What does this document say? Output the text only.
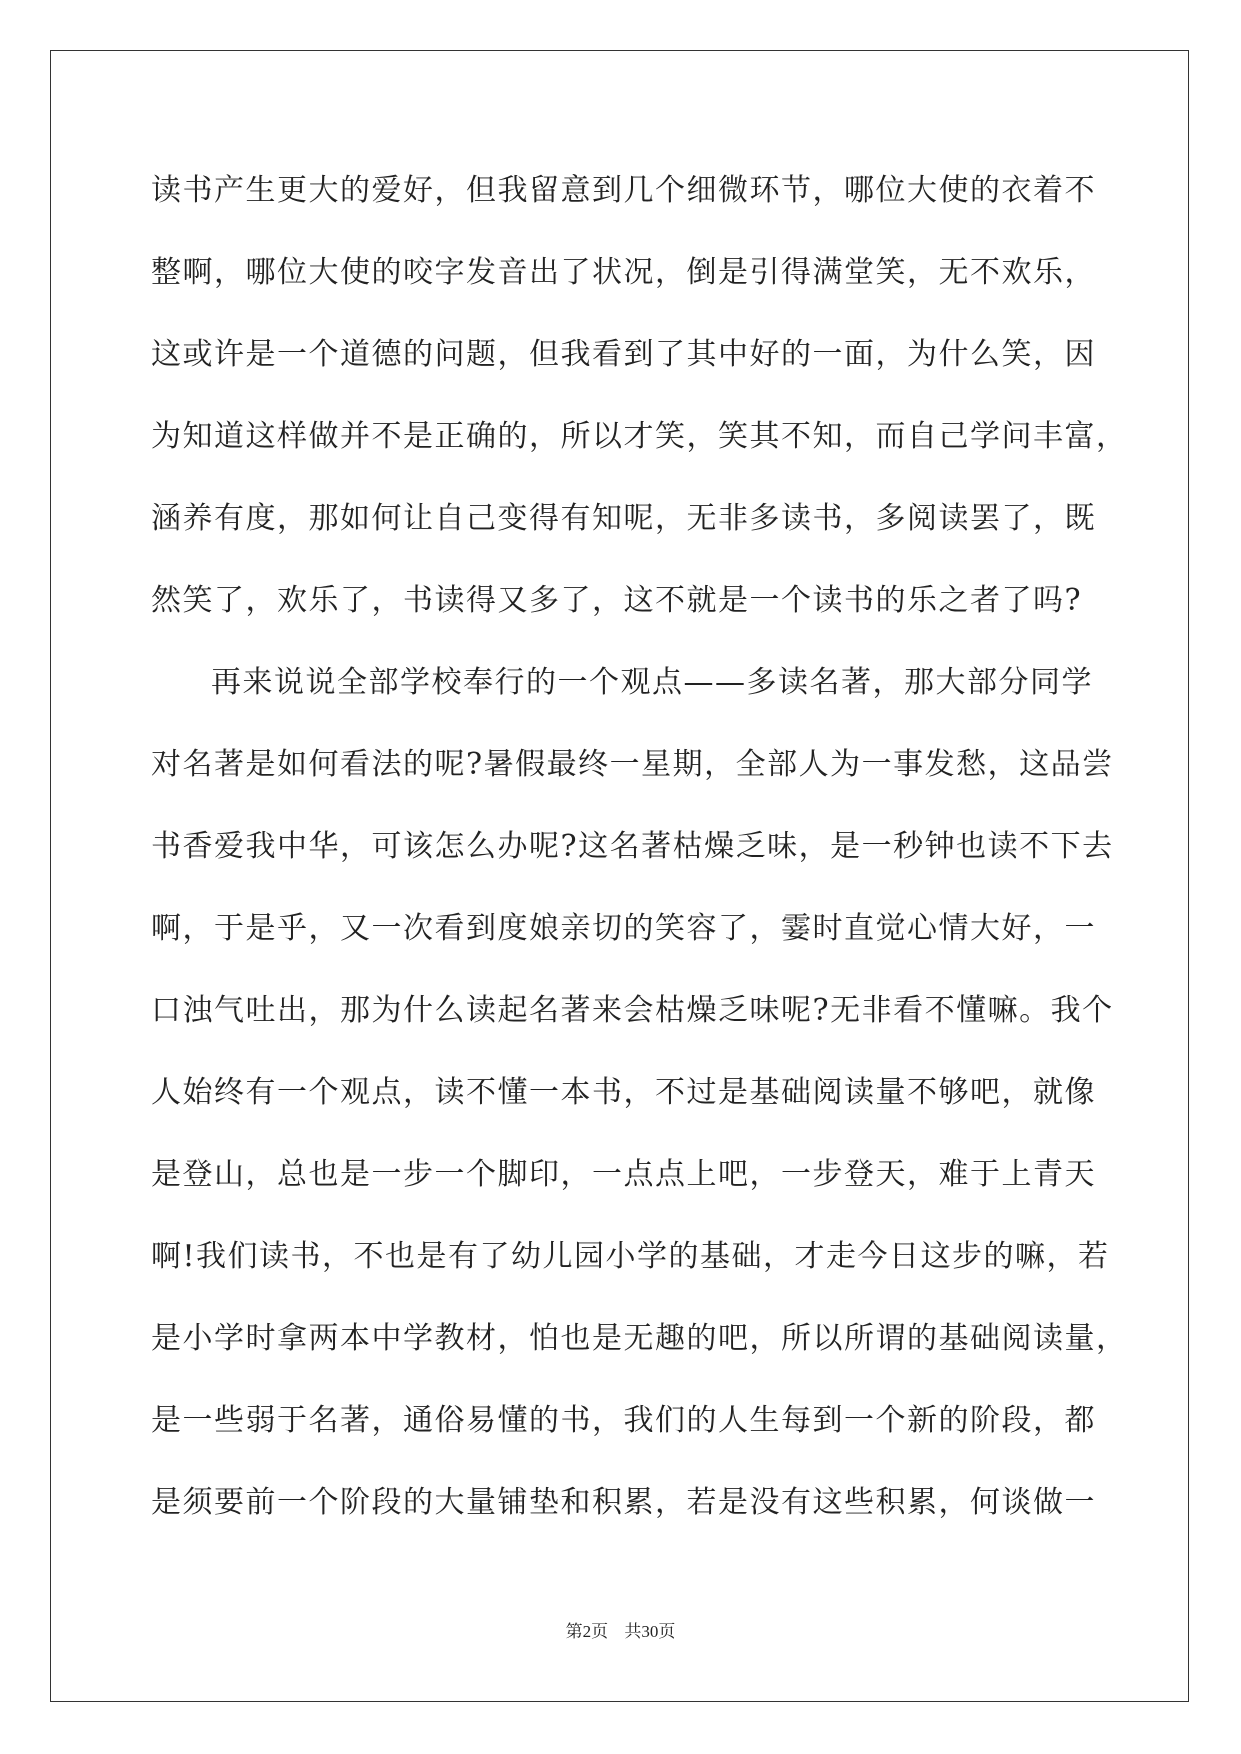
读书产生更大的爱好，但我留意到几个细微环节，哪位大使的衣着不
整啊，哪位大使的咬字发音出了状况，倒是引得满堂笑，无不欢乐，
这或许是一个道德的问题，但我看到了其中好的一面，为什么笑，因
为知道这样做并不是正确的，所以才笑，笑其不知，而自己学问丰富，
涵养有度，那如何让自己变得有知呢，无非多读书，多阅读罢了，既
然笑了，欢乐了，书读得又多了，这不就是一个读书的乐之者了吗?
再来说说全部学校奉行的一个观点——多读名著，那大部分同学
对名著是如何看法的呢?暑假最终一星期，全部人为一事发愁，这品尝
书香爱我中华，可该怎么办呢?这名著枯燥乏味，是一秒钟也读不下去
啊，于是乎，又一次看到度娘亲切的笑容了，霎时直觉心情大好，一
口浊气吐出，那为什么读起名著来会枯燥乏味呢?无非看不懂嘛。我个
人始终有一个观点，读不懂一本书，不过是基础阅读量不够吧，就像
是登山，总也是一步一个脚印，一点点上吧，一步登天，难于上青天
啊!我们读书，不也是有了幼儿园小学的基础，才走今日这步的嘛，若
是小学时拿两本中学教材，怕也是无趣的吧，所以所谓的基础阅读量，
是一些弱于名著，通俗易懂的书，我们的人生每到一个新的阶段，都
是须要前一个阶段的大量铺垫和积累，若是没有这些积累，何谈做一
第2页 共30页
